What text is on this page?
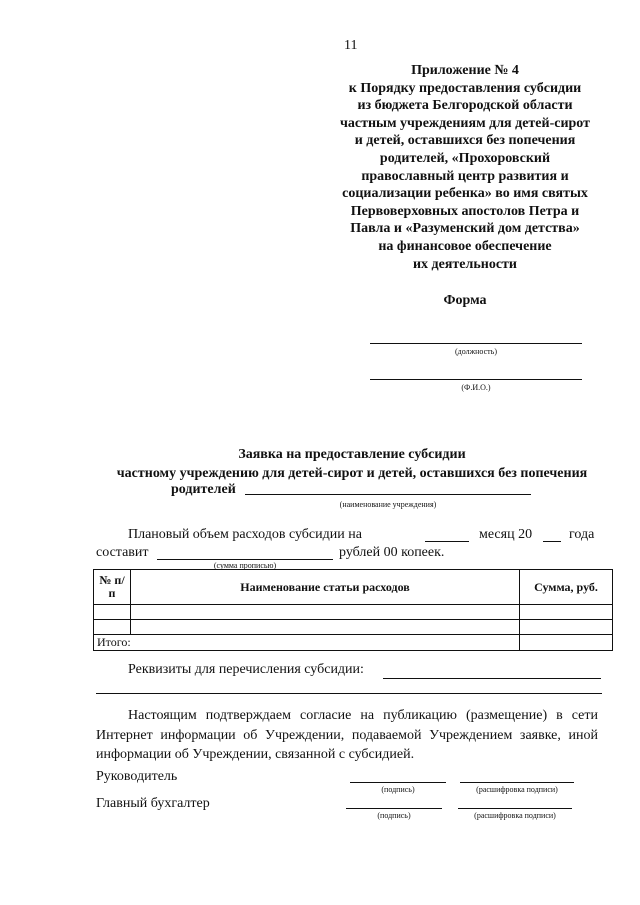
11
Приложение № 4
к Порядку предоставления субсидии
из бюджета Белгородской области
частным учреждениям для детей-сирот
и детей, оставшихся без попечения
родителей, «Прохоровский
православный центр развития и
социализации ребенка» во имя святых
Первоверховных апостолов Петра и
Павла и «Разуменский дом детства»
на финансовое обеспечение
их деятельности
Форма
(должность)
(Ф.И.О.)
Заявка на предоставление субсидии
частному учреждению для детей-сирот и детей, оставшихся без попечения
родителей
(наименование учреждения)
Плановый объем расходов субсидии на	месяц 20	года
составит
(сумма прописью)
рублей 00 копеек.
№ п/п	Наименование статьи расходов	Сумма, руб.

Итого:		
Реквизиты для перечисления субсидии:
Настоящим подтверждаем согласие на публикацию (размещение) в сети Интернет информации об Учреждении, подаваемой Учреждением заявке, иной информации об Учреждении, связанной с субсидией.
Руководитель
(подпись)	(расшифровка подписи)
Главный бухгалтер
(подпись)	(расшифровка подписи)
